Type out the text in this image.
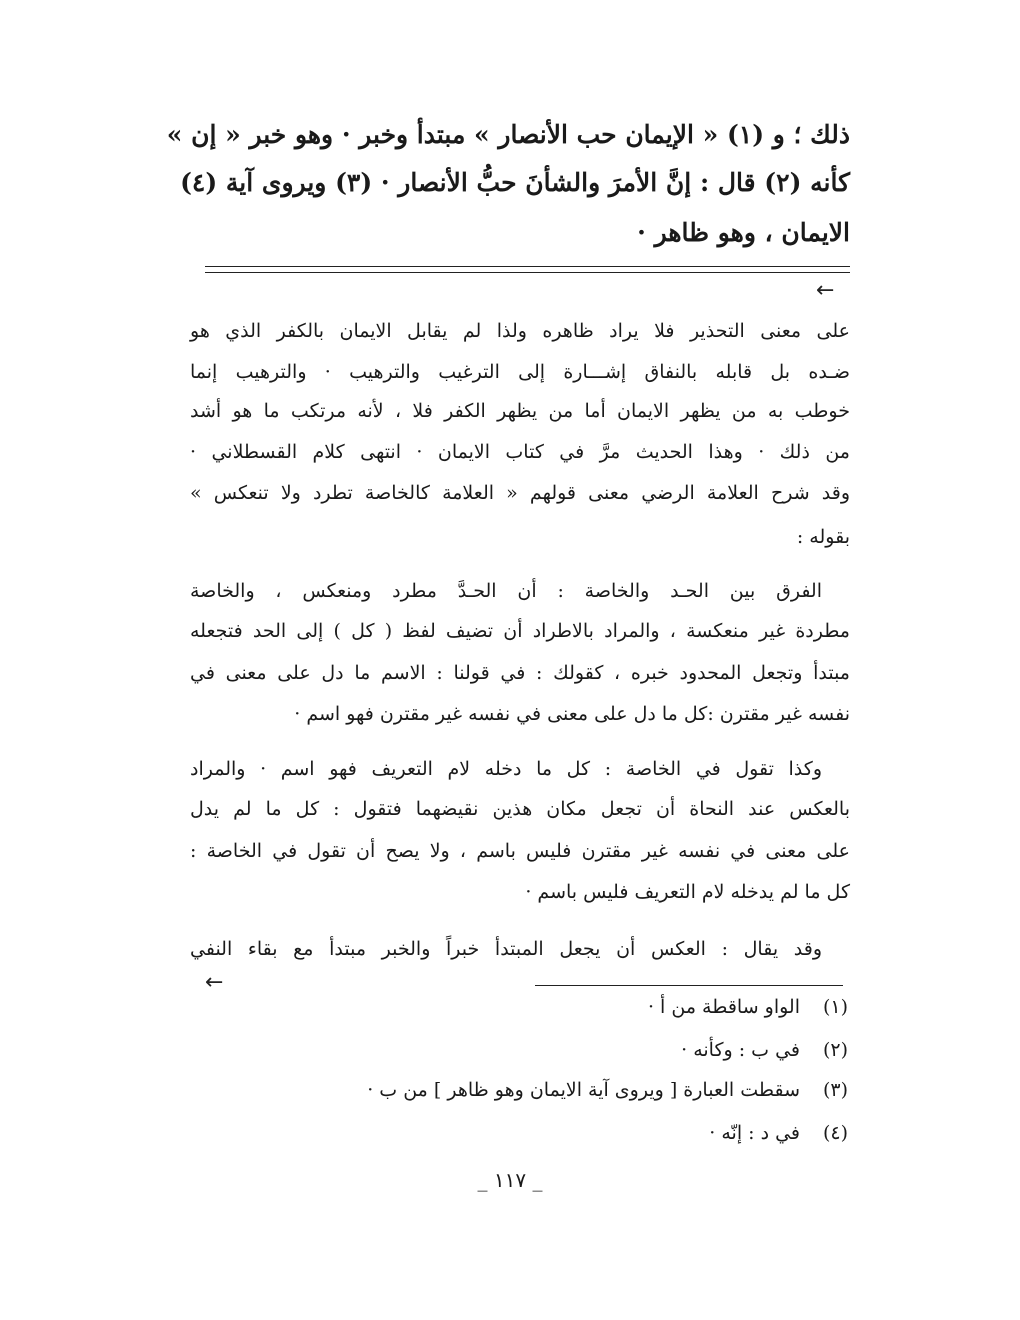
ذلك ؛ و (١) « الإيمان حب الأنصار » مبتدأ وخبر · وهو خبر « إن »
كأنه (٢) قال : إنَّ الأمرَ والشأنَ حبُّ الأنصار · (٣) ويروى آية (٤)
الايمان ، وهو ظاهر ·
←
على معنى التحذير فلا يراد ظاهره ولذا لم يقابل الايمان بالكفر الذي هو
ضـده بل قابله بالنفاق إشـــارة إلى الترغيب والترهيب · والترهيب إنما
خوطب به من يظهر الايمان أما من يظهر الكفر فلا ، لأنه مرتكب ما هو أشد
من ذلك · وهذا الحديث مرَّ في كتاب الايمان · انتهى كلام القسطلاني ·
وقد شرح العلامة الرضي معنى قولهم « العلامة كالخاصة تطرد ولا تنعكس »
بقوله :
الفرق بين الحـد والخاصة : أن الحـدَّ مطرد ومنعكس ، والخاصة
مطردة غير منعكسة ، والمراد بالاطراد أن تضيف لفظ ( كل ) إلى الحد فتجعله
مبتدأ وتجعل المحدود خبره ، كقولك : في قولنا : الاسم ما دل على معنى في
نفسه غير مقترن :كل ما دل على معنى في نفسه غير مقترن فهو اسم ·
وكذا تقول في الخاصة : كل ما دخله لام التعريف فهو اسم · والمراد
بالعكس عند النحاة أن تجعل مكان هذين نقيضهما فتقول : كل ما لم يدل
على معنى في نفسه غير مقترن فليس باسم ، ولا يصح أن تقول في الخاصة :
كل ما لم يدخله لام التعريف فليس باسم ·
وقد يقال : العكس أن يجعل المبتدأ خبراً والخبر مبتدأ مع بقاء النفي
←
(١)الواو ساقطة من أ ·
(٢)في ب : وكأنه ·
(٣)سقطت العبارة [ ويروى آية الايمان وهو ظاهر ] من ب ·
(٤)في د : إنّه ·
_ ١١٧ _
